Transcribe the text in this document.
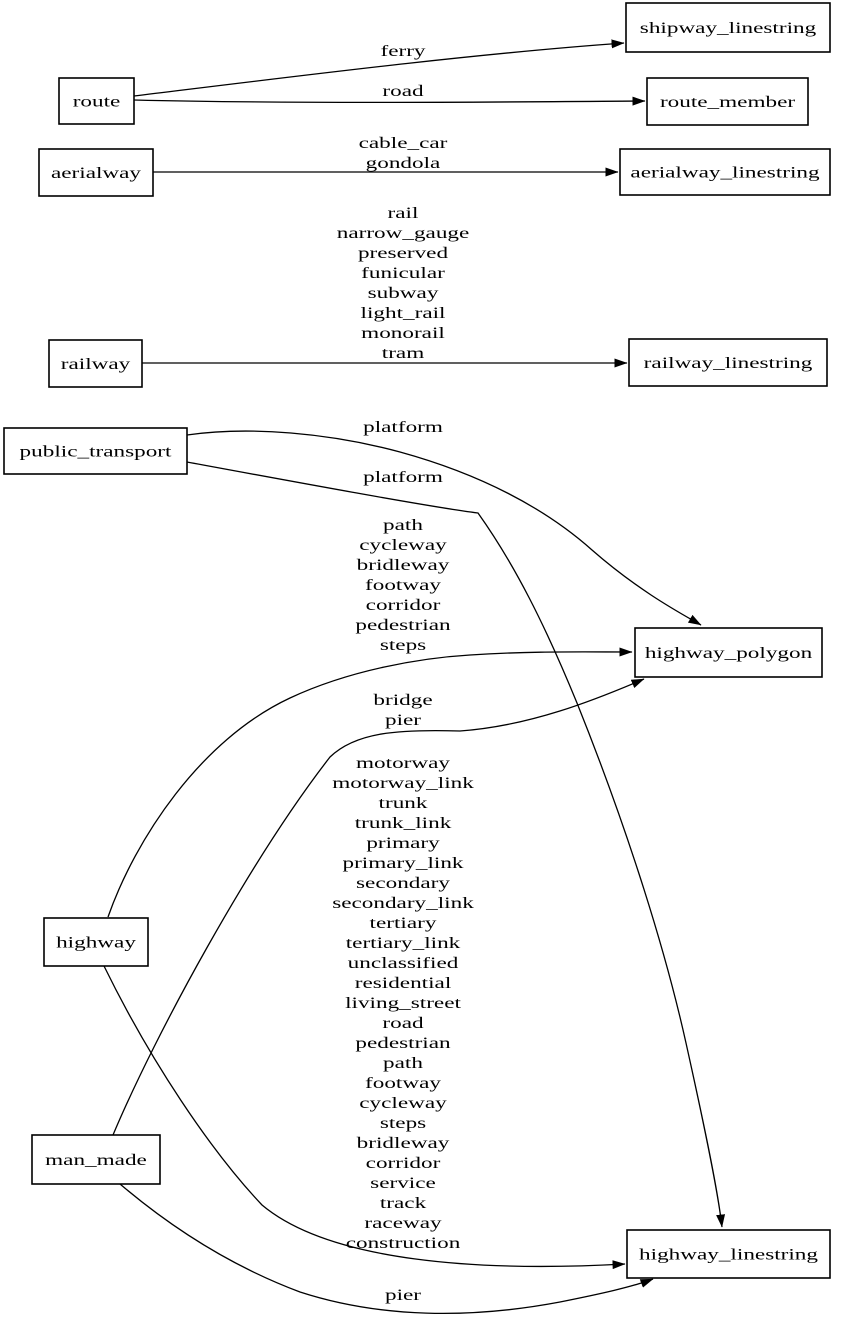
ferry
road
cable_car
gondola
rail
narrow_gauge
preserved
funicular
subway
light_rail
monorail
tram
platform
platform
path
cycleway
bridleway
footway
corridor
pedestrian
steps
motorway
motorway_link
trunk
trunk_link
primary
primary_link
secondary
secondary_link
tertiary
tertiary_link
unclassified
residential
living_street
road
pedestrian
path
footway
cycleway
steps
bridleway
corridor
service
track
raceway
construction
bridge
pier
pier
route
aerialway
railway
public_transport
highway
man_made
shipway_linestring
route_member
aerialway_linestring
railway_linestring
highway_polygon
highway_linestring
